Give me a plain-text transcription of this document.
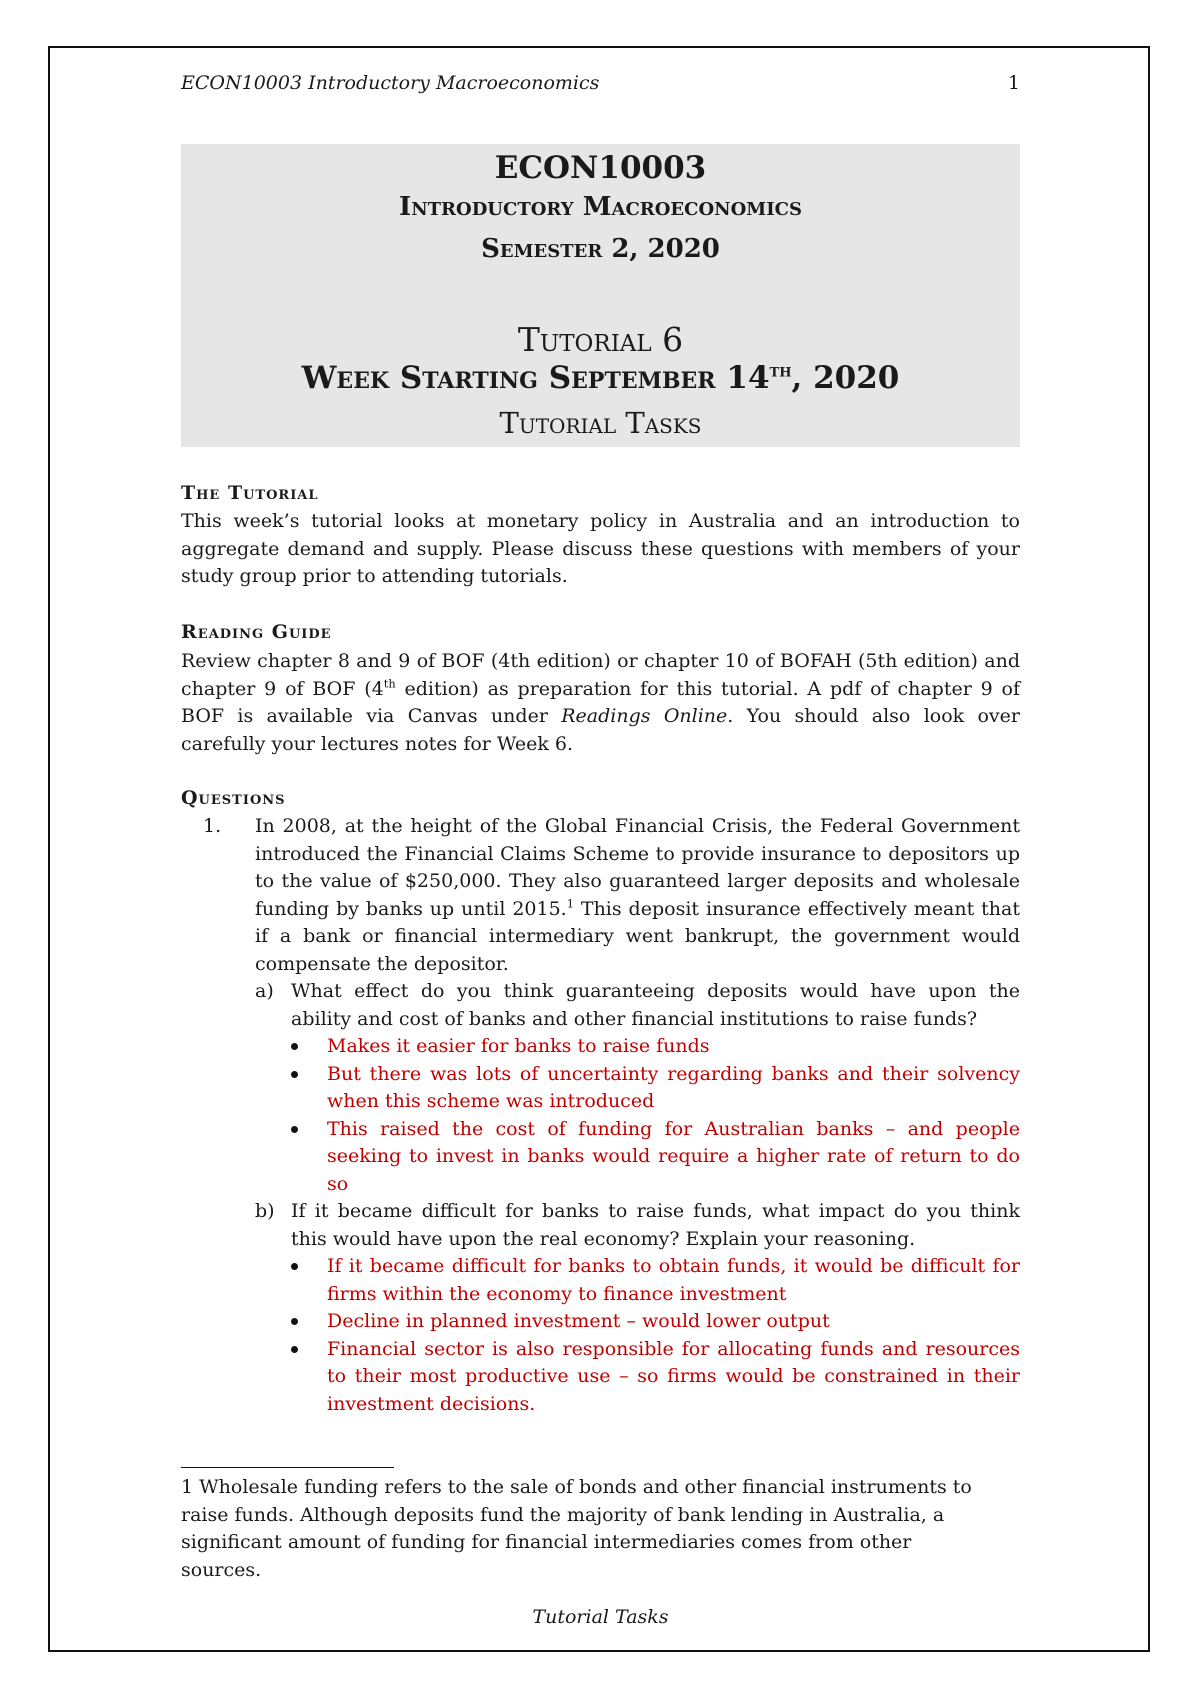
ECON10003 Introductory Macroeconomics	1
ECON10003
Introductory Macroeconomics
Semester 2, 2020
Tutorial 6
Week Starting September 14th, 2020
Tutorial Tasks
The Tutorial
This week’s tutorial looks at monetary policy in Australia and an introduction to aggregate demand and supply. Please discuss these questions with members of your study group prior to attending tutorials.
Reading Guide
Review chapter 8 and 9 of BOF (4th edition) or chapter 10 of BOFAH (5th edition) and chapter 9 of BOF (4th edition) as preparation for this tutorial. A pdf of chapter 9 of BOF is available via Canvas under Readings Online. You should also look over carefully your lectures notes for Week 6.
Questions
1. In 2008, at the height of the Global Financial Crisis, the Federal Government introduced the Financial Claims Scheme to provide insurance to depositors up to the value of $250,000. They also guaranteed larger deposits and wholesale funding by banks up until 2015.$^1$ This deposit insurance effectively meant that if a bank or financial intermediary went bankrupt, the government would compensate the depositor.
a) What effect do you think guaranteeing deposits would have upon the ability and cost of banks and other financial institutions to raise funds?
Makes it easier for banks to raise funds
But there was lots of uncertainty regarding banks and their solvency when this scheme was introduced
This raised the cost of funding for Australian banks – and people seeking to invest in banks would require a higher rate of return to do so
b) If it became difficult for banks to raise funds, what impact do you think this would have upon the real economy? Explain your reasoning.
If it became difficult for banks to obtain funds, it would be difficult for firms within the economy to finance investment
Decline in planned investment – would lower output
Financial sector is also responsible for allocating funds and resources to their most productive use – so firms would be constrained in their investment decisions.
1 Wholesale funding refers to the sale of bonds and other financial instruments to raise funds. Although deposits fund the majority of bank lending in Australia, a significant amount of funding for financial intermediaries comes from other sources.
Tutorial Tasks
